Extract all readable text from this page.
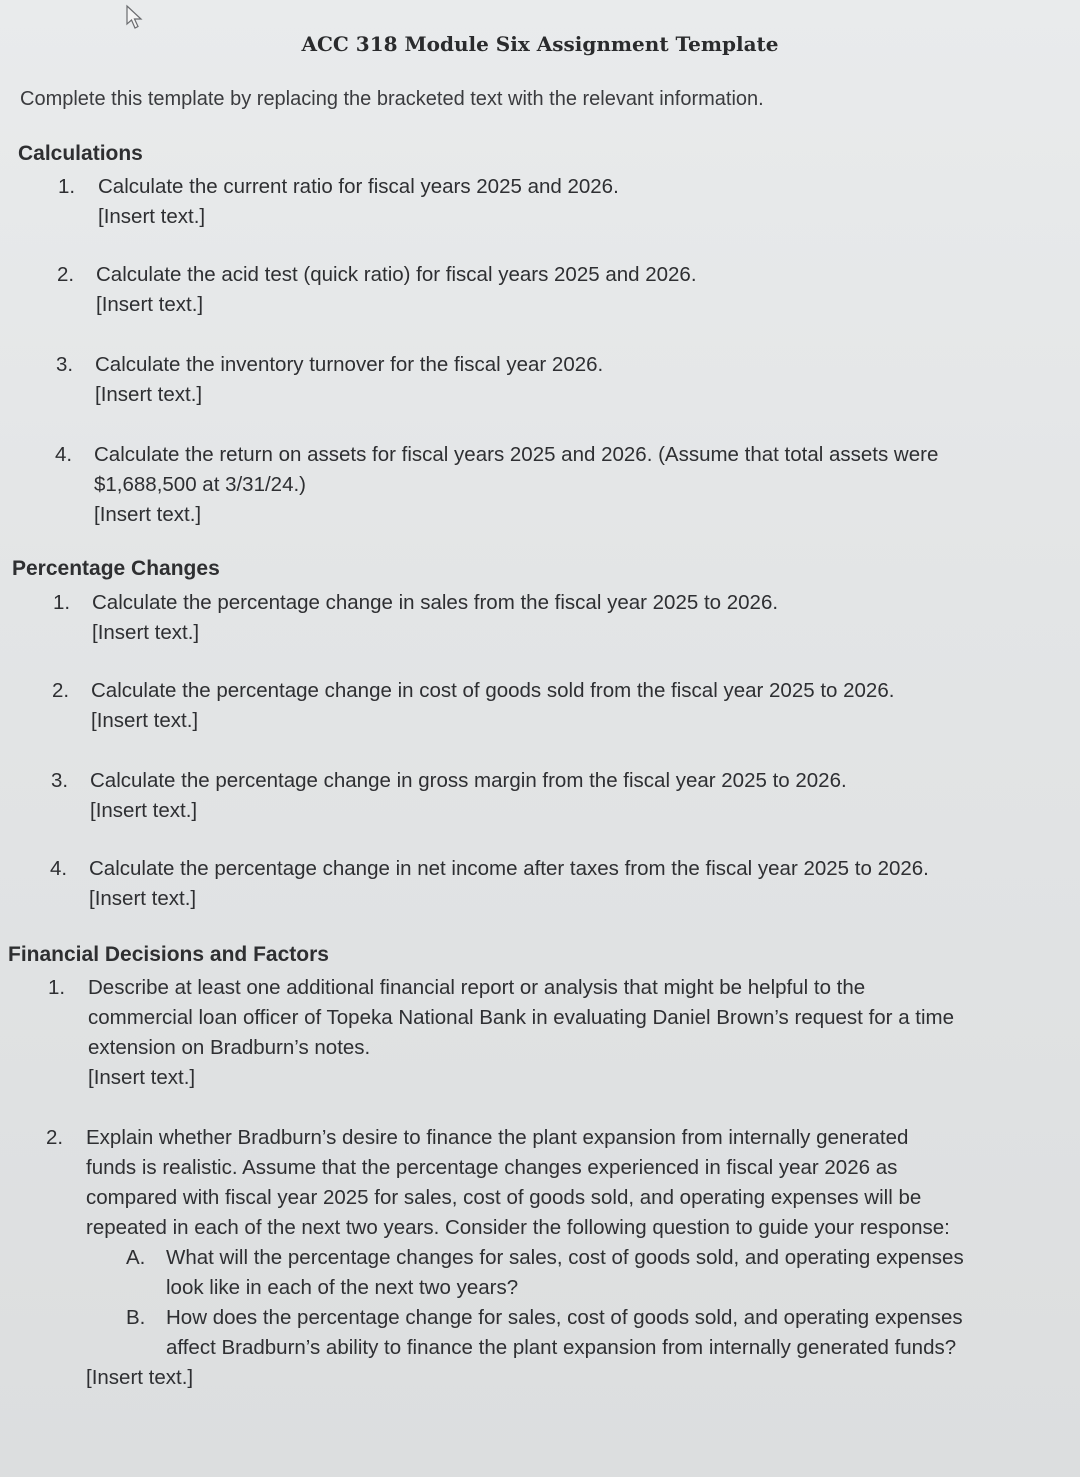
ACC 318 Module Six Assignment Template
Complete this template by replacing the bracketed text with the relevant information.
Calculations
1.	Calculate the current ratio for fiscal years 2025 and 2026.
[Insert text.]
2.	Calculate the acid test (quick ratio) for fiscal years 2025 and 2026.
[Insert text.]
3.	Calculate the inventory turnover for the fiscal year 2026.
[Insert text.]
4.	Calculate the return on assets for fiscal years 2025 and 2026. (Assume that total assets were
$1,688,500 at 3/31/24.)
[Insert text.]
Percentage Changes
1.	Calculate the percentage change in sales from the fiscal year 2025 to 2026.
[Insert text.]
2.	Calculate the percentage change in cost of goods sold from the fiscal year 2025 to 2026.
[Insert text.]
3.	Calculate the percentage change in gross margin from the fiscal year 2025 to 2026.
[Insert text.]
4.	Calculate the percentage change in net income after taxes from the fiscal year 2025 to 2026.
[Insert text.]
Financial Decisions and Factors
1.	Describe at least one additional financial report or analysis that might be helpful to the
commercial loan officer of Topeka National Bank in evaluating Daniel Brown’s request for a time
extension on Bradburn’s notes.
[Insert text.]
2.	Explain whether Bradburn’s desire to finance the plant expansion from internally generated
funds is realistic. Assume that the percentage changes experienced in fiscal year 2026 as
compared with fiscal year 2025 for sales, cost of goods sold, and operating expenses will be
repeated in each of the next two years. Consider the following question to guide your response:
A. What will the percentage changes for sales, cost of goods sold, and operating expenses
look like in each of the next two years?
B. How does the percentage change for sales, cost of goods sold, and operating expenses
affect Bradburn’s ability to finance the plant expansion from internally generated funds?
[Insert text.]
